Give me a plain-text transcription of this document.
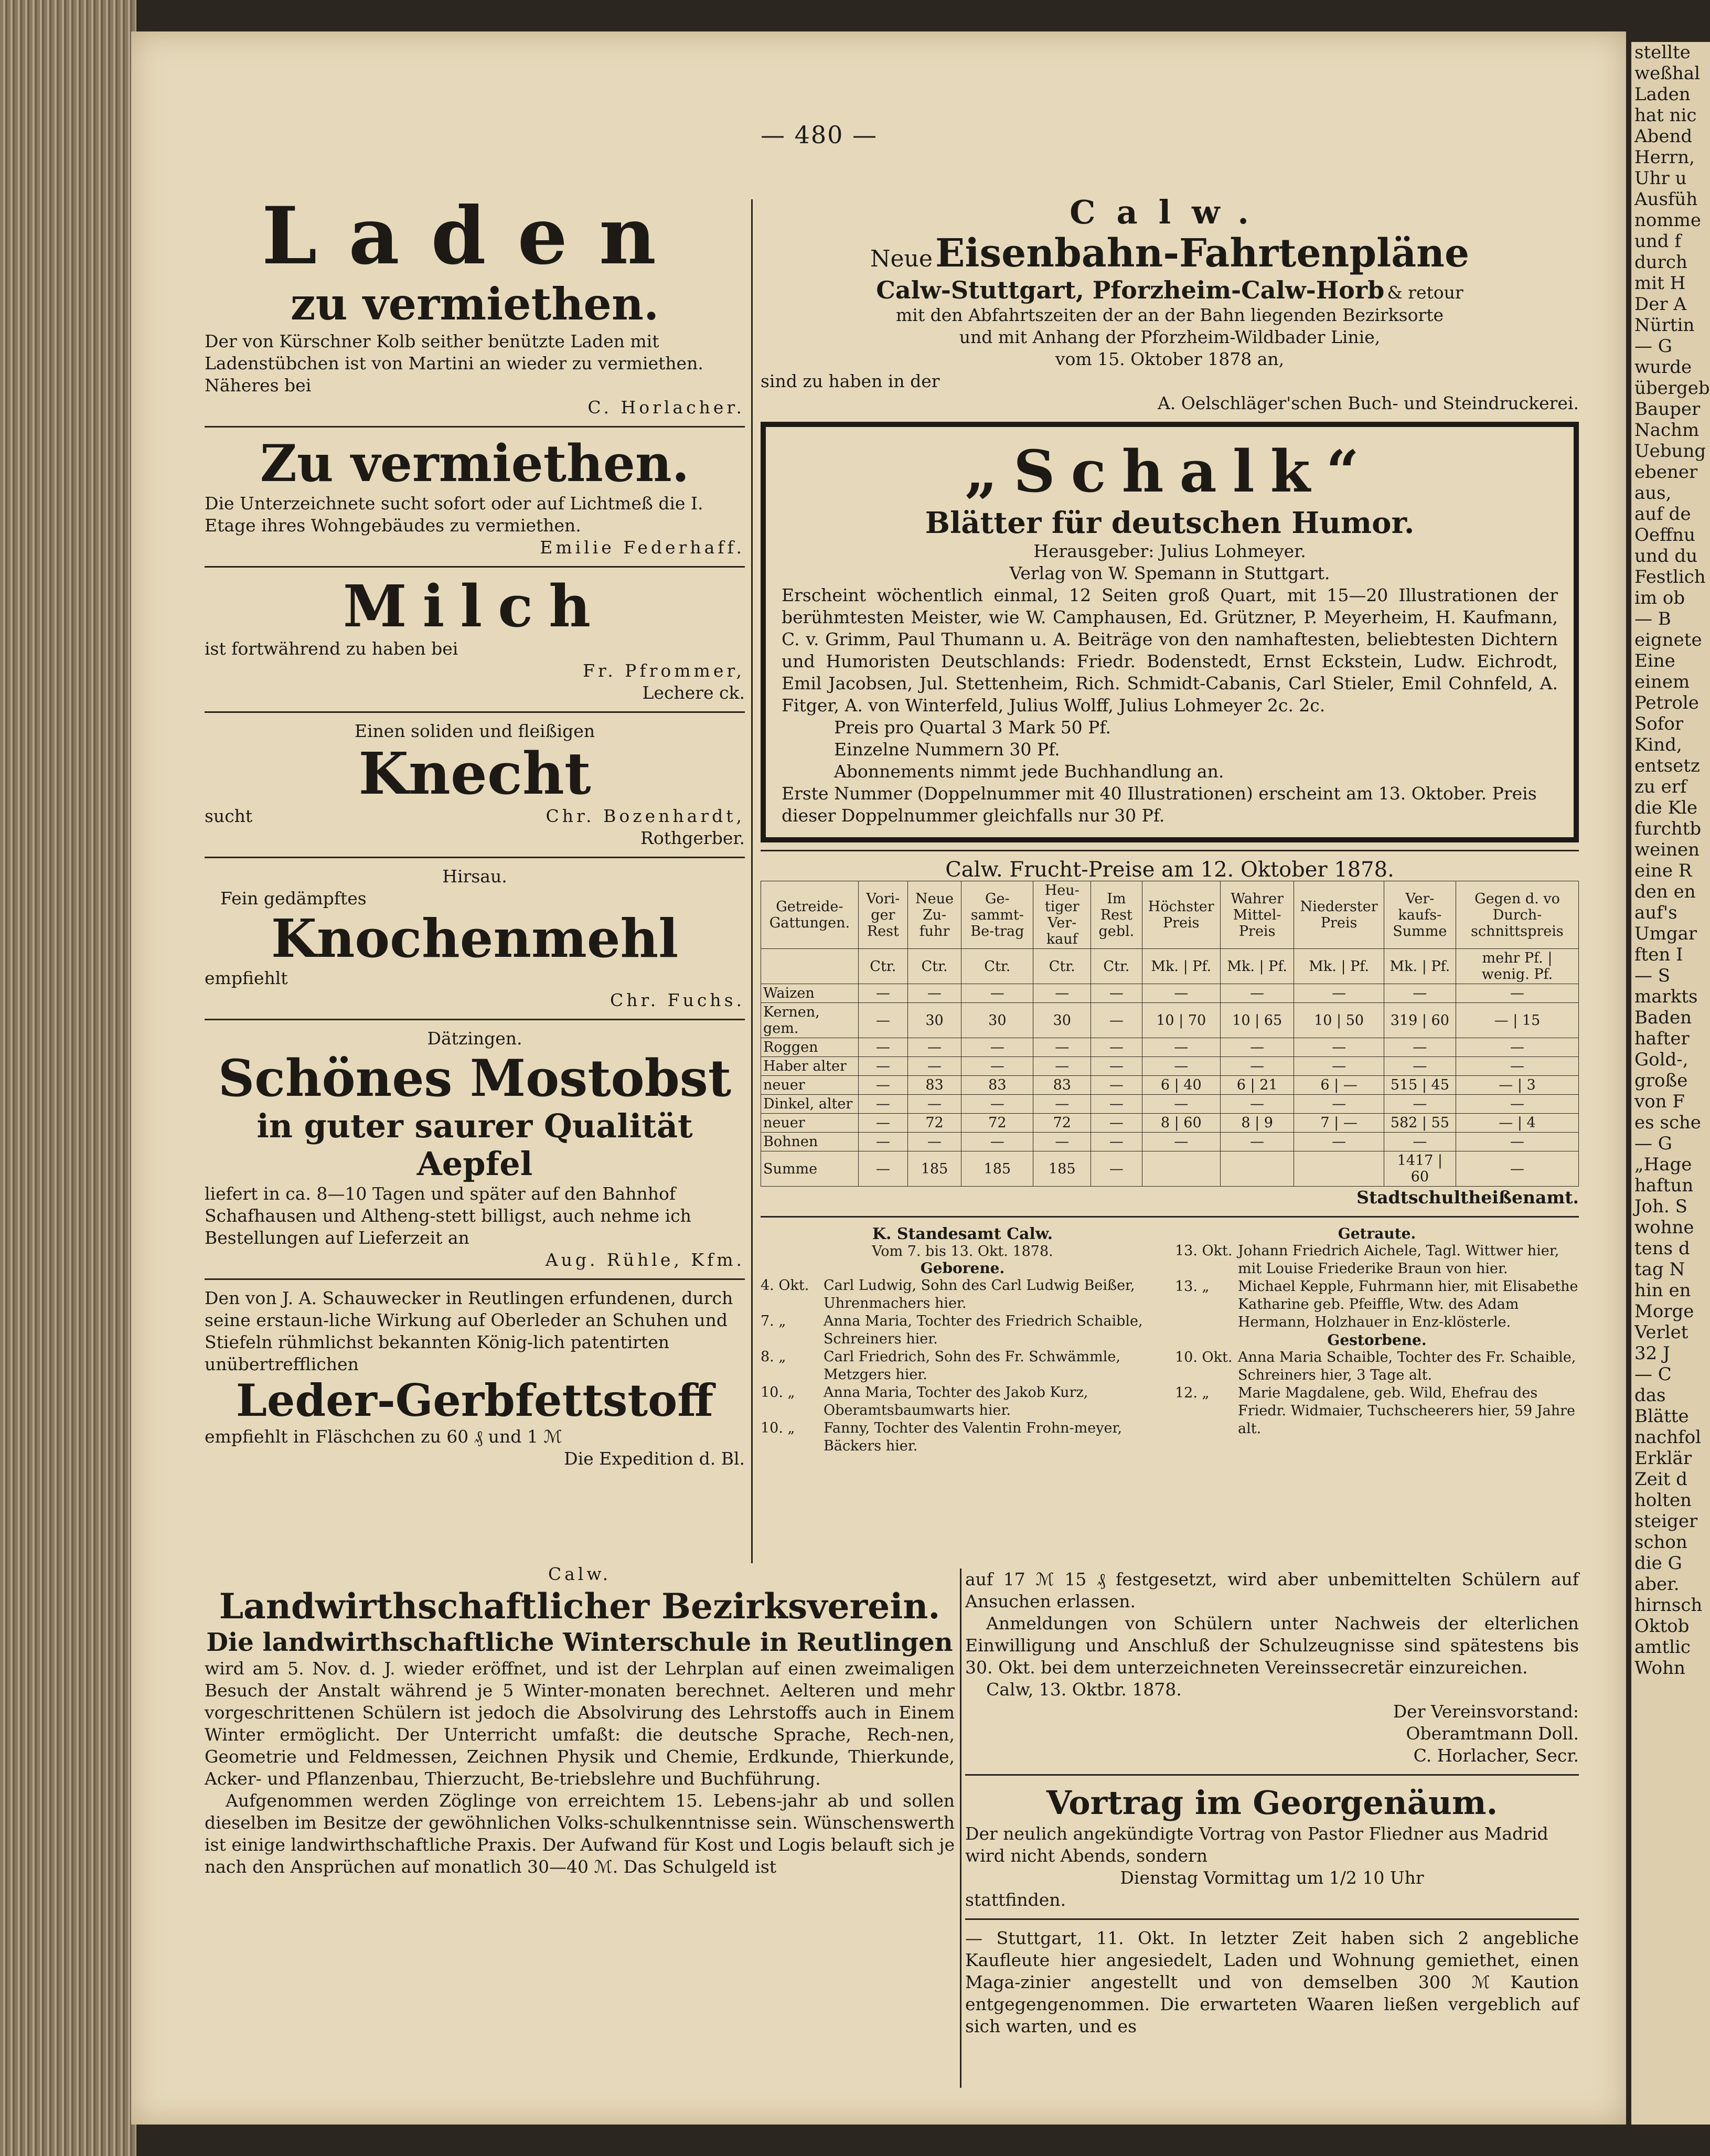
stellte
weßhal
Laden
hat nic
Abend
Herrn,
Uhr u
Ausfüh
nomme
und f
durch
mit H
Der A
Nürtin
— G
wurde
übergeb
Bauper
Nachm
Uebung
ebener
aus,
auf de
Oeffnu
und du
Festlich
im ob
— B
eignete
Eine
einem
Petrole
Sofor
Kind,
entsetz
zu erf
die Kle
furchtb
weinen
eine R
den en
auf's
Umgar
ften I
— S
markts
Baden
hafter
Gold-,
große
von F
es sche
— G
„Hage
haftun
Joh. S
wohne
tens d
tag N
hin en
Morge
Verlet
32 J
— C
das
Blätte
nachfol
Erklär
Zeit d
holten
steiger
schon
die G
aber.
hirnsch
Oktob
amtlic
Wohn
— 480 —
Laden
zu vermiethen.
Der von Kürschner Kolb seither benützte Laden mit Ladenstübchen ist von Martini an wieder zu vermiethen. Näheres bei
C. Horlacher.
Zu vermiethen.
Die Unterzeichnete sucht sofort oder auf Lichtmeß die I. Etage ihres Wohngebäudes zu vermiethen.
Emilie Federhaff.
Milch
ist fortwährend zu haben bei
Fr. Pfrommer,
Lechere ck.
Einen soliden und fleißigen
Knecht
sucht	Chr. Bozenhardt,
Rothgerber.
Hirsau.
Fein gedämpftes
Knochenmehl
empfiehlt
Chr. Fuchs.
Dätzingen.
Schönes Mostobst
in guter saurer Qualität
Aepfel
liefert in ca. 8—10 Tagen und später auf den Bahnhof Schafhausen und Altheng-stett billigst, auch nehme ich Bestellungen auf Lieferzeit an
Aug. Rühle, Kfm.
Den von J. A. Schauwecker in Reutlingen erfundenen, durch seine erstaun-liche Wirkung auf Oberleder an Schuhen und Stiefeln rühmlichst bekannten König-lich patentirten unübertrefflichen
Leder-Gerbfettstoff
empfiehlt in Fläschchen zu 60 ₰ und 1 ℳ
Die Expedition d. Bl.
Calw.
Neue Eisenbahn-Fahrtenpläne
Calw-Stuttgart, Pforzheim-Calw-Horb & retour
mit den Abfahrtszeiten der an der Bahn liegenden Bezirksorte
und mit Anhang der Pforzheim-Wildbader Linie,
vom 15. Oktober 1878 an,
sind zu haben in der
A. Oelschläger'schen Buch- und Steindruckerei.
„Schalk“
Blätter für deutschen Humor.
Herausgeber: Julius Lohmeyer.
Verlag von W. Spemann in Stuttgart.
Erscheint wöchentlich einmal, 12 Seiten groß Quart, mit 15—20 Illustrationen der berühmtesten Meister, wie W. Camphausen, Ed. Grützner, P. Meyerheim, H. Kaufmann, C. v. Grimm, Paul Thumann u. A. Beiträge von den namhaftesten, beliebtesten Dichtern und Humoristen Deutschlands: Friedr. Bodenstedt, Ernst Eckstein, Ludw. Eichrodt, Emil Jacobsen, Jul. Stettenheim, Rich. Schmidt-Cabanis, Carl Stieler, Emil Cohnfeld, A. Fitger, A. von Winterfeld, Julius Wolff, Julius Lohmeyer 2c. 2c.
Preis pro Quartal 3 Mark 50 Pf.
Einzelne Nummern 30 Pf.
Abonnements nimmt jede Buchhandlung an.
Erste Nummer (Doppelnummer mit 40 Illustrationen) erscheint am 13. Oktober. Preis dieser Doppelnummer gleichfalls nur 30 Pf.
Calw. Frucht-Preise am 12. Oktober 1878.
Getreide-Gattungen.	Vori-ger Rest	Neue Zu-fuhr	Ge-sammt-Be-trag	Heu-tiger Ver-kauf	Im Rest gebl.	Höchster Preis	Wahrer Mittel-Preis	Niederster Preis	Ver-kaufs-Summe	Gegen d. vo Durch-schnittspreis
	Ctr.	Ctr.	Ctr.	Ctr.	Ctr.	Mk. | Pf.	Mk. | Pf.	Mk. | Pf.	Mk. | Pf.	mehr Pf. | wenig. Pf.
Waizen	—	—	—	—	—	—	—	—	—	—
Kernen, gem.	—	30	30	30	—	10 | 70	10 | 65	10 | 50	319 | 60	— | 15
Roggen	—	—	—	—	—	—	—	—	—	—
Haber alter	—	—	—	—	—	—	—	—	—	—
neuer	—	83	83	83	—	6 | 40	6 | 21	6 | —	515 | 45	— | 3
Dinkel, alter	—	—	—	—	—	—	—	—	—	—
neuer	—	72	72	72	—	8 | 60	8 | 9	7 | —	582 | 55	— | 4
Bohnen	—	—	—	—	—	—	—	—	—	—
Summe	—	185	185	185	—				1417 | 60	—
Stadtschultheißenamt.
K. Standesamt Calw.
Vom 7. bis 13. Okt. 1878.
Geborene.
4. Okt.	Carl Ludwig, Sohn des Carl Ludwig Beißer, Uhrenmachers hier.
7. „	Anna Maria, Tochter des Friedrich Schaible, Schreiners hier.
8. „	Carl Friedrich, Sohn des Fr. Schwämmle, Metzgers hier.
10. „	Anna Maria, Tochter des Jakob Kurz, Oberamtsbaumwarts hier.
10. „	Fanny, Tochter des Valentin Frohn-meyer, Bäckers hier.
Getraute.
13. Okt. Johann Friedrich Aichele, Tagl. Wittwer hier, mit Louise Friederike Braun von hier.
13. „	Michael Kepple, Fuhrmann hier, mit Elisabethe Katharine geb. Pfeiffle, Wtw. des Adam Hermann, Holzhauer in Enz-klösterle.
Gestorbene.
10. Okt. Anna Maria Schaible, Tochter des Fr. Schaible, Schreiners hier, 3 Tage alt.
12. „	Marie Magdalene, geb. Wild, Ehefrau des Friedr. Widmaier, Tuchscheerers hier, 59 Jahre alt.
Calw.
Landwirthschaftlicher Bezirksverein.
Die landwirthschaftliche Winterschule in Reutlingen
wird am 5. Nov. d. J. wieder eröffnet, und ist der Lehrplan auf einen zweimaligen Besuch der Anstalt während je 5 Winter-monaten berechnet. Aelteren und mehr vorgeschrittenen Schülern ist jedoch die Absolvirung des Lehrstoffs auch in Einem Winter ermöglicht. Der Unterricht umfaßt: die deutsche Sprache, Rech-nen, Geometrie und Feldmessen, Zeichnen Physik und Chemie, Erdkunde, Thierkunde, Acker- und Pflanzenbau, Thierzucht, Be-triebslehre und Buchführung.
Aufgenommen werden Zöglinge von erreichtem 15. Lebens-jahr ab und sollen dieselben im Besitze der gewöhnlichen Volks-schulkenntnisse sein. Wünschenswerth ist einige landwirthschaftliche Praxis. Der Aufwand für Kost und Logis belauft sich je nach den Ansprüchen auf monatlich 30—40 ℳ. Das Schulgeld ist
auf 17 ℳ 15 ₰ festgesetzt, wird aber unbemittelten Schülern auf Ansuchen erlassen.
Anmeldungen von Schülern unter Nachweis der elterlichen Einwilligung und Anschluß der Schulzeugnisse sind spätestens bis 30. Okt. bei dem unterzeichneten Vereinssecretär einzureichen.
Calw, 13. Oktbr. 1878.
Der Vereinsvorstand:
Oberamtmann Doll.
C. Horlacher, Secr.
Vortrag im Georgenäum.
Der neulich angekündigte Vortrag von Pastor Fliedner aus Madrid wird nicht Abends, sondern
Dienstag Vormittag um 1/2 10 Uhr
stattfinden.
— Stuttgart, 11. Okt. In letzter Zeit haben sich 2 angebliche Kaufleute hier angesiedelt, Laden und Wohnung gemiethet, einen Maga-zinier angestellt und von demselben 300 ℳ Kaution entgegengenommen. Die erwarteten Waaren ließen vergeblich auf sich warten, und es
